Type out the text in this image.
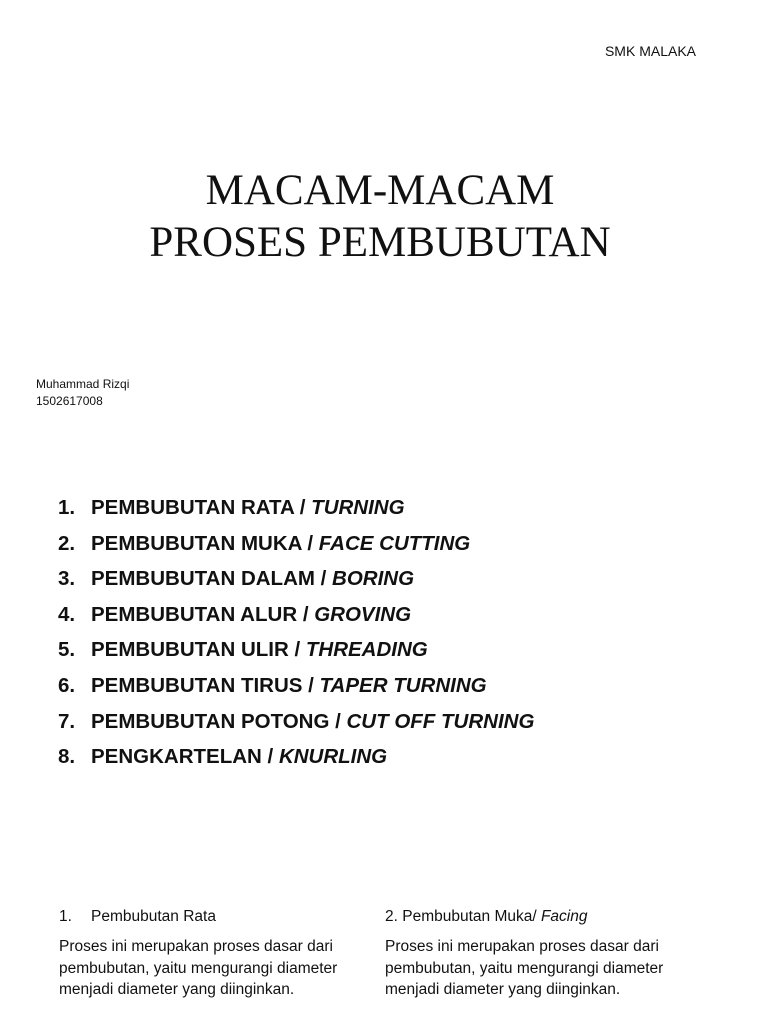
SMK MALAKA
MACAM-MACAM
PROSES PEMBUBUTAN
Muhammad Rizqi
1502617008
1. PEMBUBUTAN RATA / TURNING
2. PEMBUBUTAN MUKA / FACE CUTTING
3. PEMBUBUTAN DALAM / BORING
4. PEMBUBUTAN ALUR / GROVING
5. PEMBUBUTAN ULIR / THREADING
6. PEMBUBUTAN TIRUS / TAPER TURNING
7. PEMBUBUTAN POTONG / CUT OFF TURNING
8. PENGKARTELAN / KNURLING
1. Pembubutan Rata
Proses ini merupakan proses dasar dari pembubutan, yaitu mengurangi diameter menjadi diameter yang diinginkan.
2. Pembubutan Muka/ Facing
Proses ini merupakan proses dasar dari pembubutan, yaitu mengurangi diameter menjadi diameter yang diinginkan.
